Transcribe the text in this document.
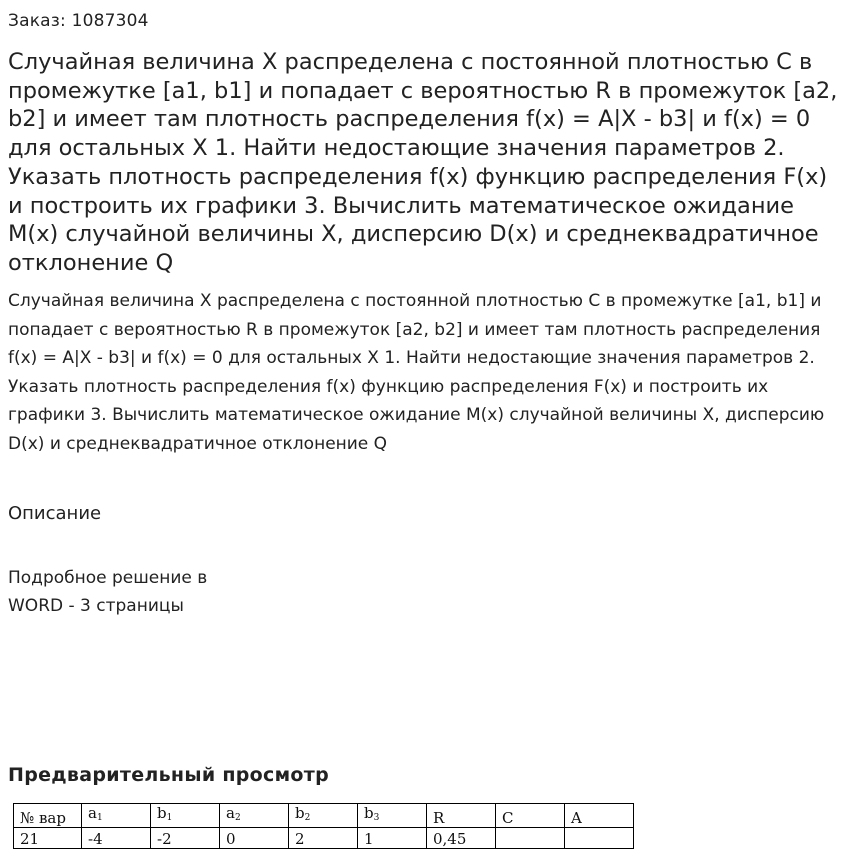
Заказ: 1087304
Случайная величина X распределена с постоянной плотностью C в промежутке [a1, b1] и попадает с вероятностью R в промежуток [a2, b2] и имеет там плотность распределения f(x) = A|X - b3| и f(x) = 0 для остальных X 1. Найти недостающие значения параметров 2. Указать плотность распределения f(x) функцию распределения F(x) и построить их графики 3. Вычислить математическое ожидание M(x) случайной величины X, дисперсию D(x) и среднеквадратичное отклонение Q
Случайная величина X распределена с постоянной плотностью C в промежутке [a1, b1] и попадает с вероятностью R в промежуток [a2, b2] и имеет там плотность распределения f(x) = A|X - b3| и f(x) = 0 для остальных X 1. Найти недостающие значения параметров 2. Указать плотность распределения f(x) функцию распределения F(x) и построить их графики 3. Вычислить математическое ожидание M(x) случайной величины X, дисперсию D(x) и среднеквадратичное отклонение Q
Описание
Подробное решение в
WORD - 3 страницы
Предварительный просмотр
№ вар	$a_1$	$b_1$	$a_2$	$b_2$	$b_3$	R	C	A
21	-4	-2	0	2	1	0,45		
